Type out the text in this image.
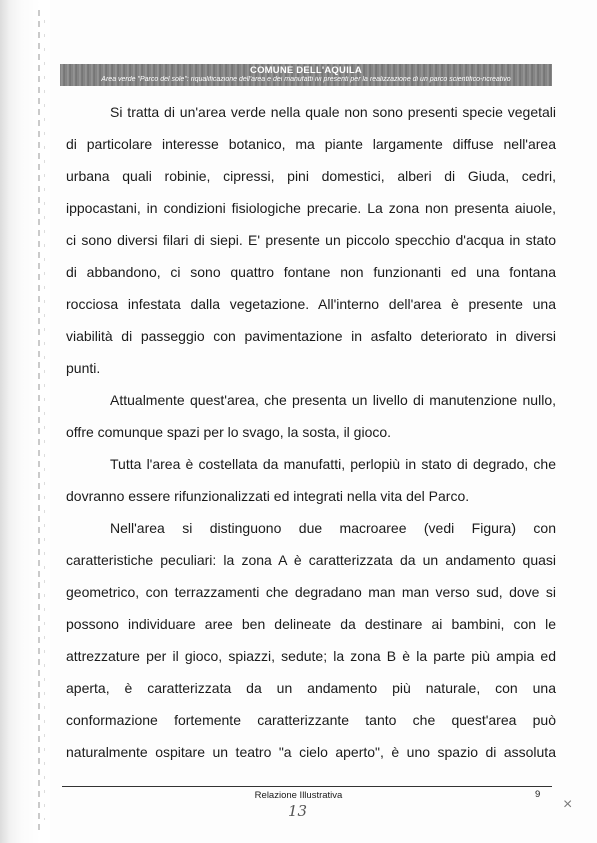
COMUNE DELL'AQUILA
Area verde "Parco del sole": riqualificazione dell'area e dei manufatti ivi presenti per la realizzazione di un parco scientifico-ricreativo
Si tratta di un'area verde nella quale non sono presenti specie vegetali
di particolare interesse botanico, ma piante largamente diffuse nell'area
urbana quali robinie, cipressi, pini domestici, alberi di Giuda, cedri,
ippocastani, in condizioni fisiologiche precarie. La zona non presenta aiuole,
ci sono diversi filari di siepi. E' presente un piccolo specchio d'acqua in stato
di abbandono, ci sono quattro fontane non funzionanti ed una fontana
rocciosa infestata dalla vegetazione. All'interno dell'area è presente una
viabilità di passeggio con pavimentazione in asfalto deteriorato in diversi
punti.
Attualmente quest'area, che presenta un livello di manutenzione nullo,
offre comunque spazi per lo svago, la sosta, il gioco.
Tutta l'area è costellata da manufatti, perlopiù in stato di degrado, che
dovranno essere rifunzionalizzati ed integrati nella vita del Parco.
Nell'area si distinguono due macroaree (vedi Figura) con
caratteristiche peculiari: la zona A è caratterizzata da un andamento quasi
geometrico, con terrazzamenti che degradano man man verso sud, dove si
possono individuare aree ben delineate da destinare ai bambini, con le
attrezzature per il gioco, spiazzi, sedute; la zona B è la parte più ampia ed
aperta, è caratterizzata da un andamento più naturale, con una
conformazione fortemente caratterizzante tanto che quest'area può
naturalmente ospitare un teatro "a cielo aperto", è uno spazio di assoluta
Relazione Illustrativa	9
13	×
